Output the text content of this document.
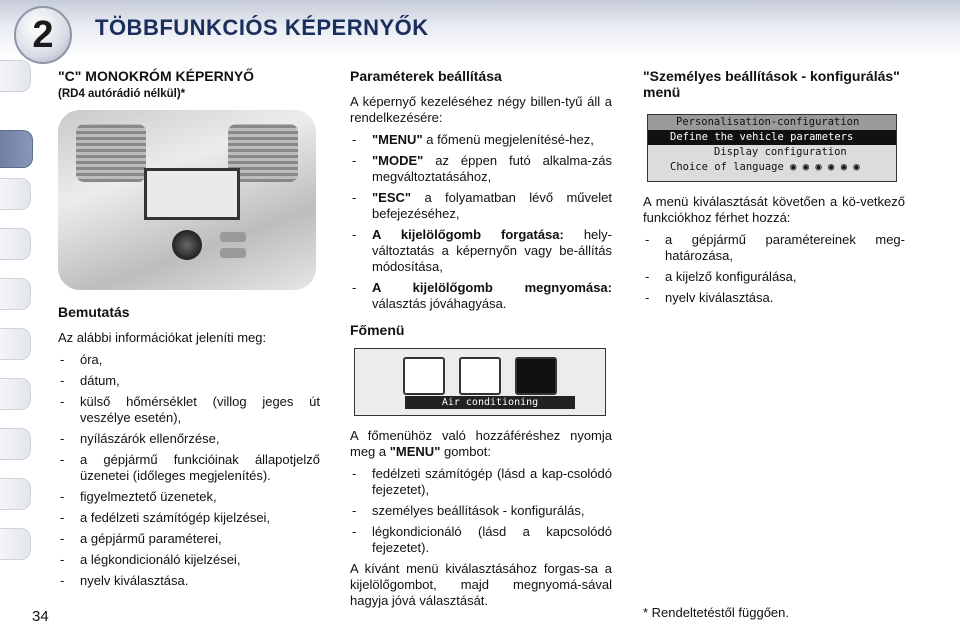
2	TÖBBFUNKCIÓS KÉPERNYŐK
"C" MONOKRÓM KÉPERNYŐ
(RD4 autórádió nélkül)*
Bemutatás

Az alábbi információkat jeleníti meg:

- óra,
- dátum,
- külső hőmérséklet (villog jeges út veszélye esetén),
- nyílászárók ellenőrzése,
- a gépjármű funkcióinak állapotjelző üzenetei (időleges megjelenítés).
- figyelmeztető üzenetek,
- a fedélzeti számítógép kijelzései,
- a gépjármű paraméterei,
- a légkondicionáló kijelzései,
- nyelv kiválasztása.
Paraméterek beállítása

A képernyő kezeléséhez négy billen-tyű áll a rendelkezésére:

- "MENU" a főmenü megjelenítésé-hez,
- "MODE" az éppen futó alkalma-zás megváltoztatásához,
- "ESC" a folyamatban lévő művelet befejezéséhez,
- A kijelölőgomb forgatása: hely-változtatás a képernyőn vagy be-állítás módosítása,
- A kijelölőgomb megnyomása: választás jóváhagyása.
Főmenü
Air conditioning

A főmenühöz való hozzáféréshez nyomja meg a "MENU" gombot:

- fedélzeti számítógép (lásd a kap-csolódó fejezetet),
- személyes beállítások - konfigurálás,
- légkondicionáló (lásd a kapcsolódó fejezetet).

A kívánt menü kiválasztásához forgas-sa a kijelölőgombot, majd megnyomá-sával hagyja jóvá választását.

"Személyes beállítások - konfigurálás" menü
Personalisation-configuration
Define the vehicle parameters
Display configuration
Choice of language ◉ ◉ ◉ ◉ ◉ ◉

A menü kiválasztását követően a kö-vetkező funkciókhoz férhet hozzá:

- a gépjármű paramétereinek meg-határozása,
- a kijelző konfigurálása,
- nyelv kiválasztása.
34	* Rendeltetéstől függően.
